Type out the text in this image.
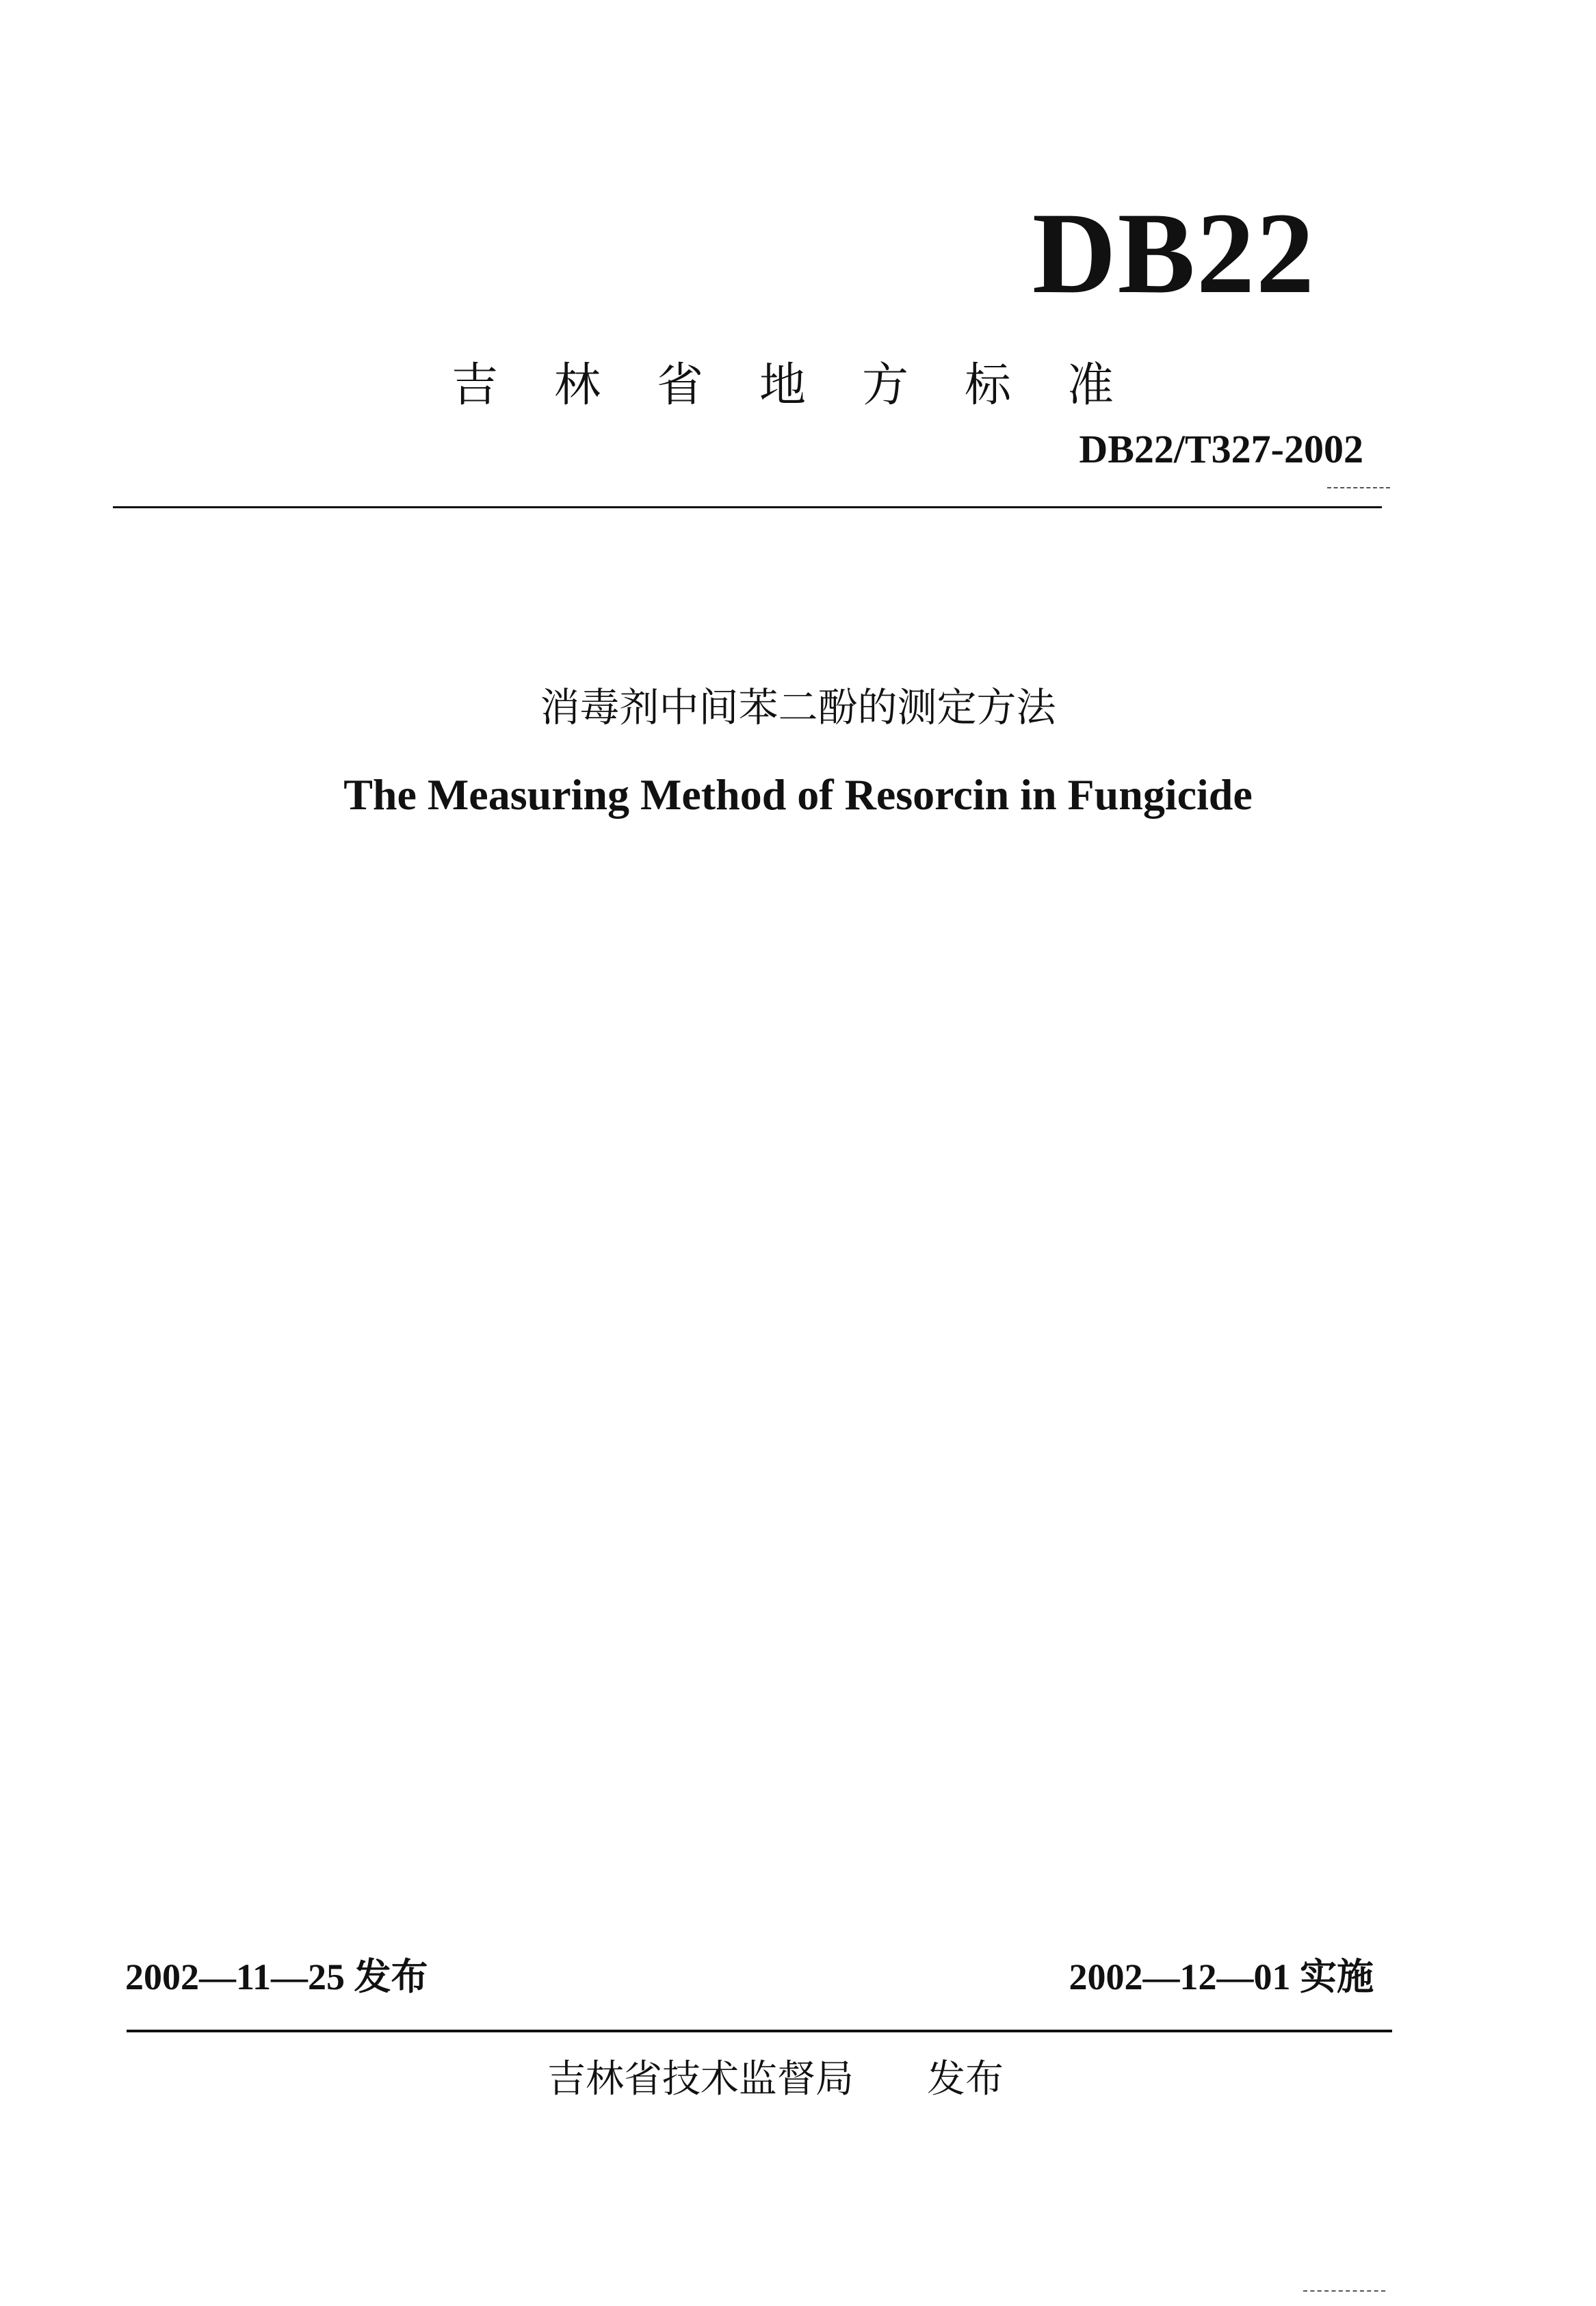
DB22
吉林省地方标准
DB22/T327-2002
消毒剂中间苯二酚的测定方法
The Measuring Method of Resorcin in Fungicide
2002—11—25 发布	2002—12—01 实施
吉林省技术监督局 发布
